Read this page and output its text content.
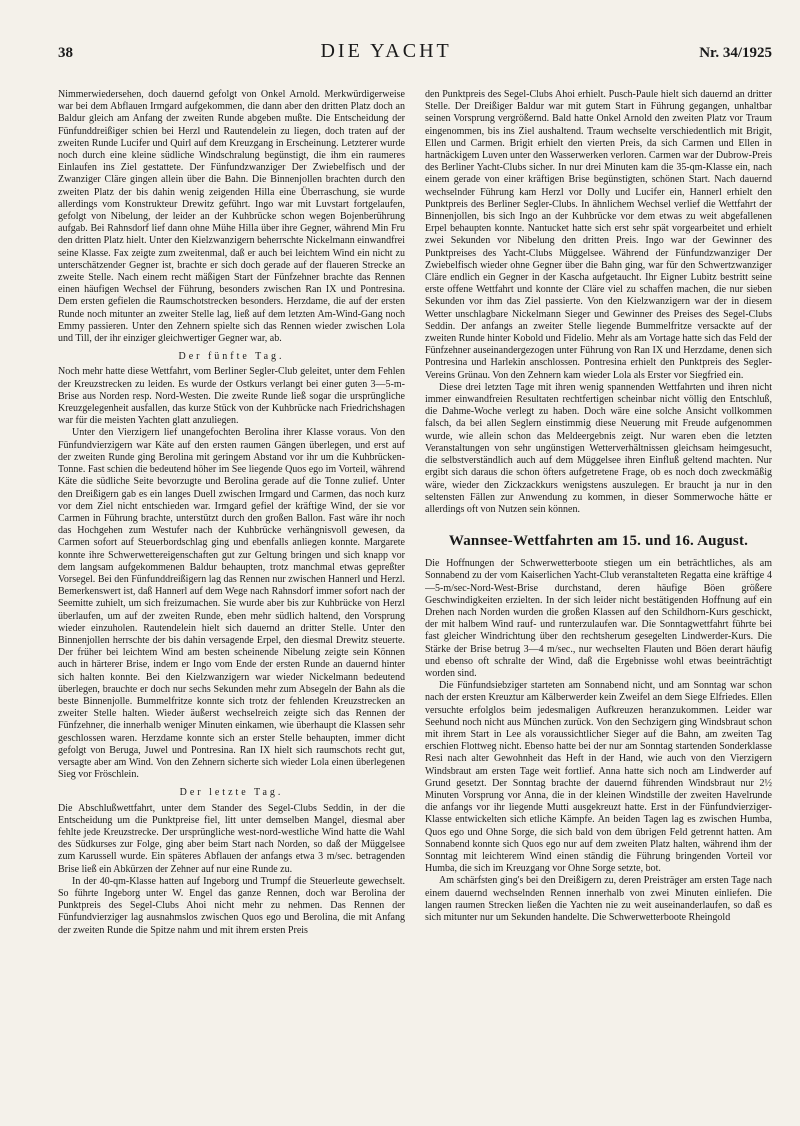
38	DIE YACHT	Nr. 34/1925

Nimmerwiedersehen, doch dauernd gefolgt von Onkel Arnold. Merkwürdigerweise war bei dem Abflauen Irmgard aufgekommen, die dann aber den dritten Platz doch an Baldur gleich am Anfang der zweiten Runde abgeben mußte. Die Entscheidung der Fünfunddreißiger schien bei Herzl und Rautendelein zu liegen, doch traten auf der zweiten Runde Lucifer und Quirl auf dem Kreuzgang in Erscheinung. Letzterer wurde noch durch eine kleine südliche Windschralung begünstigt, die ihm ein raumeres Einlaufen ins Ziel gestattete. Der Fünfundzwanziger Der Zwiebelfisch und der Zwanziger Cläre gingen allein über die Bahn. Die Binnenjollen brachten durch den zweiten Platz der bis dahin wenig zeigenden Hilla eine Überraschung, sie wurde allerdings vom Konstrukteur Drewitz geführt. Ingo war mit Luvstart fortgelaufen, gefolgt von Nibelung, der leider an der Kuhbrücke schon wegen Bojenberührung aufgab. Bei Rahnsdorf lief dann ohne Mühe Hilla über ihre Gegner, während Min Fru den dritten Platz hielt. Unter den Kielzwanzigern beherrschte Nickelmann einwandfrei seine Klasse. Fax zeigte zum zweitenmal, daß er auch bei leichtem Wind ein nicht zu unterschätzender Gegner ist, brachte er sich doch gerade auf der flaueren Strecke an zweite Stelle. Nach einem recht mäßigen Start der Fünfzehner brachte das Rennen einen häufigen Wechsel der Führung, besonders zwischen Ran IX und Pontresina. Dem ersten gefielen die Raumschotstrecken besonders. Herzdame, die auf der ersten Runde noch mitunter an zweiter Stelle lag, ließ auf dem letzten Am-Wind-Gang noch Emmy passieren. Unter den Zehnern spielte sich das Rennen wieder zwischen Lola und Till, der ihr einziger gleichwertiger Gegner war, ab.

Der fünfte Tag.

Noch mehr hatte diese Wettfahrt, vom Berliner Segler-Club geleitet, unter dem Fehlen der Kreuzstrecken zu leiden. Es wurde der Ostkurs verlangt bei einer guten 3—5-m-Brise aus Norden resp. Nord-Westen. Die zweite Runde ließ sogar die ursprüngliche Kreuzgelegenheit ausfallen, das kurze Stück von der Kuhbrücke nach Friedrichshagen war für die meisten Yachten glatt anzuliegen.

Unter den Vierzigern lief unangefochten Berolina ihrer Klasse voraus. Von den Fünfundvierzigern war Käte auf den ersten raumen Gängen überlegen, und erst auf der zweiten Runde ging Berolina mit geringem Abstand vor ihr um die Kuhbrücken-Tonne. Fast schien die bedeutend höher im See liegende Quos ego im Vorteil, während Käte die südliche Seite bevorzugte und Berolina gerade auf die Tonne zulief. Unter den Dreißigern gab es ein langes Duell zwischen Irmgard und Carmen, das noch kurz vor dem Ziel nicht entschieden war. Irmgard gefiel der kräftige Wind, der sie vor Carmen in Führung brachte, unterstützt durch den großen Ballon. Fast wäre ihr noch das Hochgehen zum Westufer nach der Kuhbrücke verhängnisvoll gewesen, da Carmen sofort auf Steuerbordschlag ging und ebenfalls anliegen konnte. Margarete konnte ihre Schwerwettereigenschaften gut zur Geltung bringen und sich knapp vor dem langsam aufgekommenen Baldur behaupten, trotz manchmal etwas gepreßter Vorsegel. Bei den Fünfunddreißigern lag das Rennen nur zwischen Hannerl und Herzl. Bemerkenswert ist, daß Hannerl auf dem Wege nach Rahnsdorf immer sofort nach der Seemitte zuhielt, um sich freizumachen. Sie wurde aber bis zur Kuhbrücke von Herzl überlaufen, um auf der zweiten Runde, eben mehr südlich haltend, den Vorsprung wieder einzuholen. Rautendelein hielt sich dauernd an dritter Stelle. Unter den Binnenjollen herrschte der bis dahin versagende Erpel, den diesmal Drewitz steuerte. Der früher bei leichtem Wind am besten scheinende Nibelung zeigte sein Können auch in härterer Brise, indem er Ingo vom Ende der ersten Runde an dauernd hinter sich halten konnte. Bei den Kielzwanzigern war wieder Nickelmann bedeutend überlegen, brauchte er doch nur sechs Sekunden mehr zum Absegeln der Bahn als die beste Binnenjolle. Bummelfritze konnte sich trotz der fehlenden Kreuzstrecken an zweiter Stelle halten. Wieder äußerst wechselreich zeigte sich das Rennen der Fünfzehner, die innerhalb weniger Minuten einkamen, wie überhaupt die Klassen sehr geschlossen waren. Herzdame konnte sich an erster Stelle behaupten, immer dicht gefolgt von Beruga, Juwel und Pontresina. Ran IX hielt sich raumschots recht gut, versagte aber am Wind. Von den Zehnern sicherte sich wieder Lola einen überlegenen Sieg vor Fröschlein.

Der letzte Tag.

Die Abschlußwettfahrt, unter dem Stander des Segel-Clubs Seddin, in der die Entscheidung um die Punktpreise fiel, litt unter demselben Mangel, diesmal aber fehlte jede Kreuzstrecke. Der ursprüngliche west-nord-westliche Wind hatte die Wahl des Südkurses zur Folge, ging aber beim Start nach Norden, so daß der Müggelsee zum Karussell wurde. Ein späteres Abflauen der anfangs etwa 3 m/sec. betragenden Brise ließ ein Abkürzen der Zehner auf nur eine Runde zu.

In der 40-qm-Klasse hatten auf Ingeborg und Trumpf die Steuerleute gewechselt. So führte Ingeborg unter W. Engel das ganze Rennen, doch war Berolina der Punktpreis des Segel-Clubs Ahoi nicht mehr zu nehmen. Das Rennen der Fünfundvierziger lag ausnahmslos zwischen Quos ego und Berolina, die mit Anfang der zweiten Runde die Spitze nahm und mit ihrem ersten Preis

den Punktpreis des Segel-Clubs Ahoi erhielt. Pusch-Paule hielt sich dauernd an dritter Stelle. Der Dreißiger Baldur war mit gutem Start in Führung gegangen, unhaltbar seinen Vorsprung vergrößernd. Bald hatte Onkel Arnold den zweiten Platz vor Traum eingenommen, bis ins Ziel aushaltend. Traum wechselte verschiedentlich mit Brigit, Ellen und Carmen. Brigit erhielt den vierten Preis, da sich Carmen und Ellen in hartnäckigem Luven unter den Wasserwerken verloren. Carmen war der Dubrow-Preis des Berliner Yacht-Clubs sicher. In nur drei Minuten kam die 35-qm-Klasse ein, nach einem gerade von einer kräftigen Brise begünstigten, schönen Start. Nach dauernd wechselnder Führung kam Herzl vor Dolly und Lucifer ein, Hannerl erhielt den Punktpreis des Berliner Segler-Clubs. In ähnlichem Wechsel verlief die Wettfahrt der Binnenjollen, bis sich Ingo an der Kuhbrücke vor dem etwas zu weit abgefallenen Erpel behaupten konnte. Nantucket hatte sich erst sehr spät vorgearbeitet und erhielt zwei Sekunden vor Nibelung den dritten Preis. Ingo war der Gewinner des Punktpreises des Yacht-Clubs Müggelsee. Während der Fünfundzwanziger Der Zwiebelfisch wieder ohne Gegner über die Bahn ging, war für den Schwertzwanziger Cläre endlich ein Gegner in der Kascha aufgetaucht. Ihr Eigner Lubitz bestritt seine erste offene Wettfahrt und konnte der Cläre viel zu schaffen machen, die nur sieben Sekunden vor ihm das Ziel passierte. Von den Kielzwanzigern war der in diesem Wetter unschlagbare Nickelmann Sieger und Gewinner des Preises des Segel-Clubs Seddin. Der anfangs an zweiter Stelle liegende Bummelfritze versackte auf der zweiten Runde hinter Kobold und Fidelio. Mehr als am Vortage hatte sich das Feld der Fünfzehner auseinandergezogen unter Führung von Ran IX und Herzdame, denen sich Pontresina und Harlekin anschlossen. Pontresina erhielt den Punktpreis des Segler-Vereins Grünau. Von den Zehnern kam wieder Lola als Erster vor Siegfried ein.

Diese drei letzten Tage mit ihren wenig spannenden Wettfahrten und ihren nicht immer einwandfreien Resultaten rechtfertigen scheinbar nicht völlig den Entschluß, die Dahme-Woche verlegt zu haben. Doch wäre eine solche Ansicht vollkommen falsch, da bei allen Seglern einstimmig diese Neuerung mit Freude aufgenommen wurde, wie allein schon das Meldeergebnis zeigt. Nur waren eben die letzten Veranstaltungen von sehr ungünstigen Wetterverhältnissen gleichsam heimgesucht, die selbstverständlich auch auf dem Müggelsee ihren Einfluß geltend machten. Nur ergibt sich daraus die schon öfters aufgetretene Frage, ob es noch doch zweckmäßig wäre, wieder den Zickzackkurs wenigstens auszulegen. Er braucht ja nur in den seltensten Fällen zur Anwendung zu kommen, in dieser Sommerwoche hätte er allerdings oft von Nutzen sein können.

Wannsee-Wettfahrten am 15. und 16. August.

Die Hoffnungen der Schwerwetterboote stiegen um ein beträchtliches, als am Sonnabend zu der vom Kaiserlichen Yacht-Club veranstalteten Regatta eine kräftige 4—5-m/sec-Nord-West-Brise durchstand, deren häufige Böen größere Geschwindigkeiten erzielten. In der sich leider nicht bestätigenden Hoffnung auf ein Drehen nach Norden wurden die großen Klassen auf den Schildhorn-Kurs geschickt, der mit halbem Wind rauf- und runterzulaufen war. Die Sonntagwettfahrt führte bei fast gleicher Windrichtung über den rechtsherum gesegelten Lindwerder-Kurs. Die Stärke der Brise betrug 3—4 m/sec., nur wechselten Flauten und Böen derart häufig und ebenso oft schralte der Wind, daß die Ergebnisse wohl etwas beeinträchtigt worden sind.

Die Fünfundsiebziger starteten am Sonnabend nicht, und am Sonntag war schon nach der ersten Kreuztur am Kälberwerder kein Zweifel an dem Siege Elfriedes. Ellen versuchte erfolglos beim jedesmaligen Aufkreuzen heranzukommen. Leider war Seehund noch nicht aus München zurück. Von den Sechzigern ging Windsbraut schon mit ihrem Start in Lee als voraussichtlicher Sieger auf die Bahn, am zweiten Tag erschien Flottweg nicht. Ebenso hatte bei der nur am Sonntag startenden Sonderklasse Resi nach alter Gewohnheit das Heft in der Hand, wie auch von den Vierzigern Windsbraut am ersten Tage weit fortlief. Anna hatte sich noch am Lindwerder auf Grund gesetzt. Der Sonntag brachte der dauernd führenden Windsbraut nur 2½ Minuten Vorsprung vor Anna, die in der kleinen Windstille der zweiten Havelrunde die anfangs vor ihr liegende Mutti ausgekreuzt hatte. Erst in der Fünfundvierziger-Klasse entwickelten sich etliche Kämpfe. An beiden Tagen lag es zwischen Humba, Quos ego und Ohne Sorge, die sich bald von dem übrigen Feld getrennt hatten. Am Sonnabend konnte sich Quos ego nur auf dem zweiten Platz halten, während ihm der Sonntag mit leichterem Wind einen ständig die Führung bringenden Vorteil vor Humba, die sich im Kreuzgang vor Ohne Sorge setzte, bot.

Am schärfsten ging's bei den Dreißigern zu, deren Preisträger am ersten Tage nach einem dauernd wechselnden Rennen innerhalb von zwei Minuten einliefen. Die langen raumen Strecken ließen die Yachten nie zu weit auseinanderlaufen, so daß es sich mitunter nur um Sekunden handelte. Die Schwerwetterboote Rheingold
